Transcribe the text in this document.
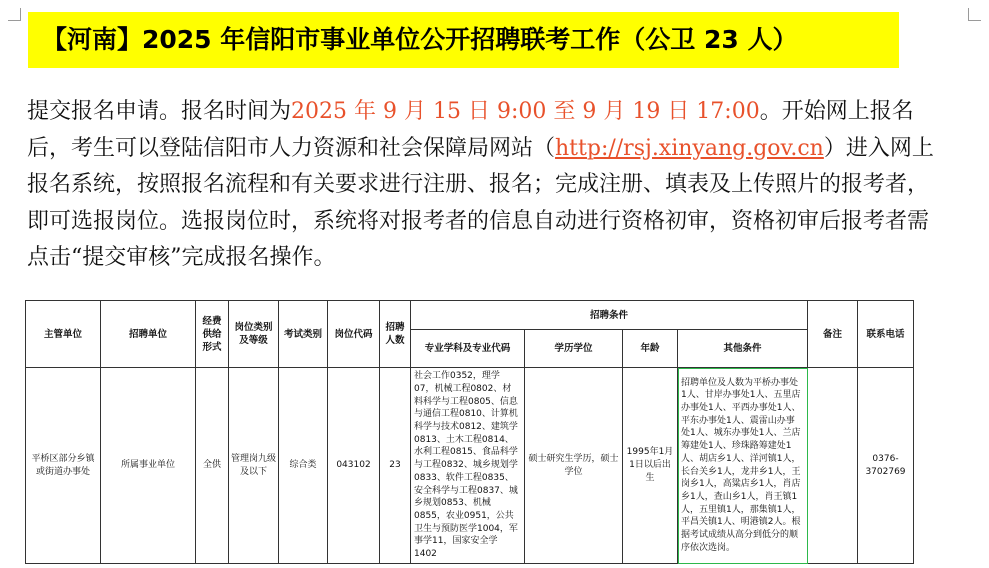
【河南】2025 年信阳市事业单位公开招聘联考工作（公卫 23 人）
提交报名申请。报名时间为2025 年 9 月 15 日 9:00 至 9 月 19 日 17:00。开始网上报名后，考生可以登陆信阳市人力资源和社会保障局网站（http://rsj.xinyang.gov.cn）进入网上报名系统，按照报名流程和有关要求进行注册、报名；完成注册、填表及上传照片的报考者，即可选报岗位。选报岗位时，系统将对报考者的信息自动进行资格初审，资格初审后报考者需点击“提交审核”完成报名操作。
主管单位	招聘单位	经费供给形式	岗位类别及等级	考试类别	岗位代码	招聘人数	招聘条件				备注	联系电话
							专业学科及专业代码	学历学位	年龄	其他条件		
平桥区部分乡镇或街道办事处	所属事业单位	全供	管理岗九级及以下	综合类	043102	23	社会工作0352，理学07，机械工程0802、材料科学与工程0805、信息与通信工程0810、计算机科学与技术0812、建筑学0813、土木工程0814、水利工程0815、食品科学与工程0832、城乡规划学0833、软件工程0835、安全科学与工程0837、城乡规划0853、机械0855，农业0951，公共卫生与预防医学1004，军事学11，国家安全学1402	硕士研究生学历，硕士学位	1995年1月1日以后出生	招聘单位及人数为平桥办事处1人、甘岸办事处1人、五里店办事处1人、平西办事处1人、平东办事处1人、震雷山办事处1人、城东办事处1人、兰店筹建处1人、珍珠路筹建处1人、胡店乡1人、洋河镇1人，长台关乡1人，龙井乡1人，王岗乡1人，高粱店乡1人，肖店乡1人，查山乡1人，肖王镇1人，五里镇1人，那集镇1人，平昌关镇1人、明港镇2人。根据考试成绩从高分到低分的顺序依次选岗。		0376-3702769
